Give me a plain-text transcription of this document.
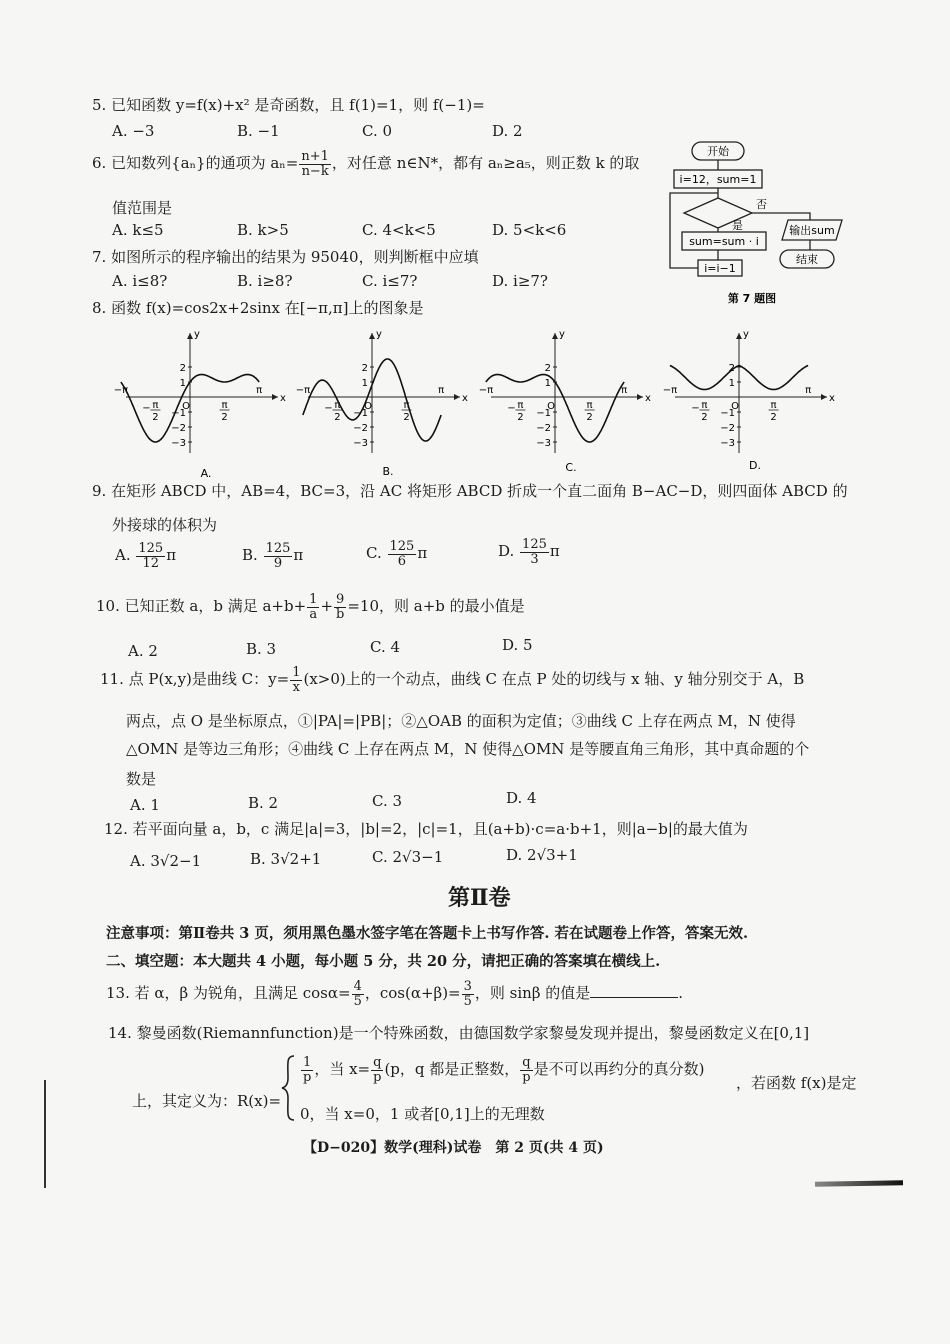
5. 已知函数 y=f(x)+x² 是奇函数，且 f(1)=1，则 f(−1)=
A. −3	B. −1	C. 0	D. 2
6. 已知数列{aₙ}的通项为 $a_n= \frac{n+1}{n-k}$ ，对任意 n∈N*，都有 aₙ≥a₅，则正数 k 的取
值范围是
A. k≤5	B. k>5	C. 4<k<5	D. 5<k<6
7. 如图所示的程序输出的结果为 95040，则判断框中应填
A. i≤8?	B. i≥8?	C. i≤7?	D. i≥7?
开始
i=12，sum=1
否
是
sum=sum · i
i=i−1
输出sum
结束
第 7 题图
8. 函数 f(x)=cos2x+2sinx 在[−π,π]上的图象是
x
y
O
−π	π
− π
2
π
2
2
1
−1
−2
−3
A.
x
y
O
−π	π
− π
2
π
2
2
1
−1
−2
−3
B.
x
y
O
−π	π
− π
2
π
2
2
1
−1
−2
−3
C.
x
y
O
−π	π
− π
2
π
2
2
1
−1
−2
−3
D.
9. 在矩形 ABCD 中，AB=4，BC=3，沿 AC 将矩形 ABCD 折成一个直二面角 B−AC−D，则四面体 ABCD 的
外接球的体积为
A. $\frac{125}{12}$ π	B. $\frac{125}{9}$ π	C. $\frac{125}{6}$ π	D. $\frac{125}{3}$ π
10. 已知正数 a，b 满足 $a+b+ \frac{1}{a} + \frac{9}{b} =10$，则 a+b 的最小值是
A. 2	B. 3	C. 4	D. 5
11. 点 P(x,y)是曲线 C：$y= \frac{1}{x} (x>0)$上的一个动点，曲线 C 在点 P 处的切线与 x 轴、y 轴分别交于 A，B
两点，点 O 是坐标原点，①|PA|=|PB|；②△OAB 的面积为定值；③曲线 C 上存在两点 M，N 使得
△OMN 是等边三角形；④曲线 C 上存在两点 M，N 使得△OMN 是等腰直角三角形，其中真命题的个
数是
A. 1	B. 2	C. 3	D. 4
12. 若平面向量 a，b，c 满足|a|=3，|b|=2，|c|=1，且(a+b)·c=a·b+1，则|a−b|的最大值为
A. 3√2−1	B. 3√2+1	C. 2√3−1	D. 2√3+1
第Ⅱ卷
注意事项：第Ⅱ卷共 3 页，须用黑色墨水签字笔在答题卡上书写作答. 若在试题卷上作答，答案无效.
二、填空题：本大题共 4 小题，每小题 5 分，共 20 分，请把正确的答案填在横线上.
13. 若 α，β 为锐角，且满足 $\cos\alpha= \frac{4}{5}$ ，$\cos(\alpha+\beta)= \frac{3}{5}$ ，则 sinβ 的值是	.
14. 黎曼函数(Riemannfunction)是一个特殊函数，由德国数学家黎曼发现并提出，黎曼函数定义在[0,1]
上，其定义为：R(x)=
$\frac{1}{p}$ ，当 $x= \frac{q}{p} (p$，q 都是正整数， $\frac{q}{p}$ 是不可以再约分的真分数)
，若函数 f(x)是定
0，当 x=0，1 或者[0,1]上的无理数
【D−020】数学(理科)试卷　第 2 页(共 4 页)
